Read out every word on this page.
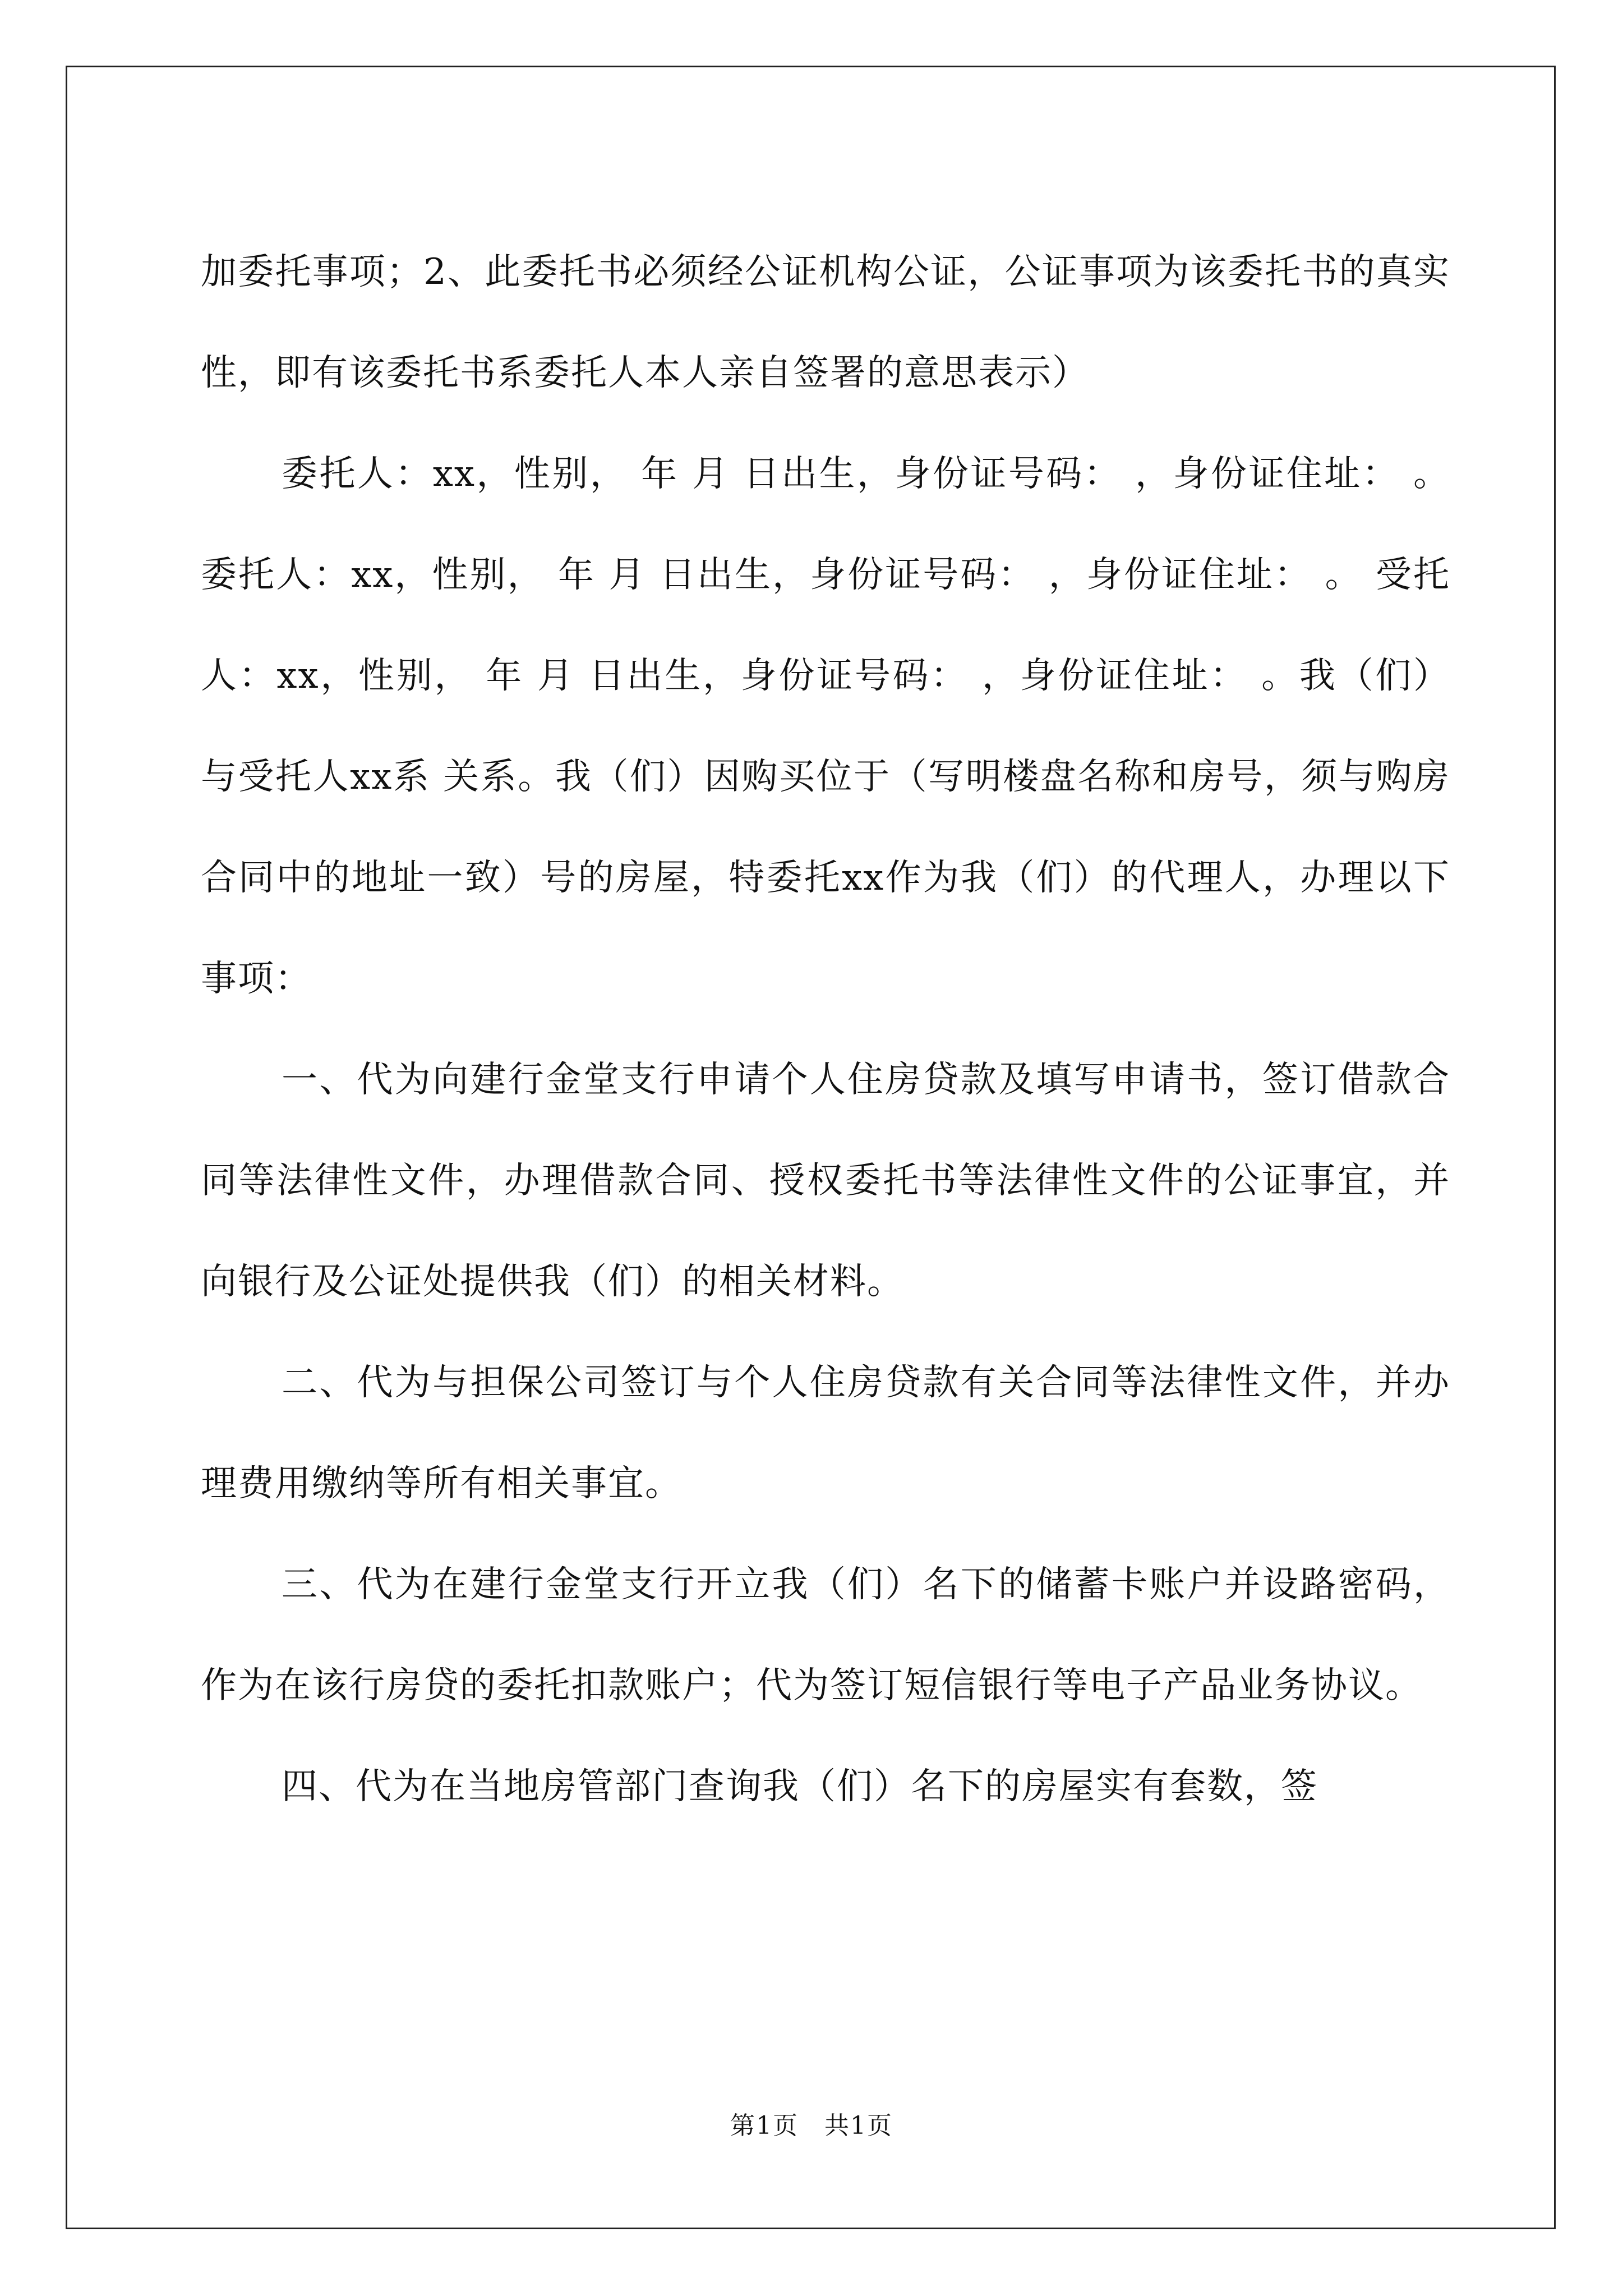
加委托事项；2、此委托书必须经公证机构公证，公证事项为该委托书的真实性，即有该委托书系委托人本人亲自签署的意思表示）

委托人：xx，性别， 年 月 日出生，身份证号码： ，身份证住址： 。 委托人：xx，性别， 年 月 日出生，身份证号码： ，身份证住址： 。 受托人：xx，性别， 年 月 日出生，身份证号码： ，身份证住址： 。我（们）与受托人xx系 关系。我（们）因购买位于（写明楼盘名称和房号，须与购房合同中的地址一致）号的房屋，特委托xx作为我（们）的代理人，办理以下事项：

一、代为向建行金堂支行申请个人住房贷款及填写申请书，签订借款合同等法律性文件，办理借款合同、授权委托书等法律性文件的公证事宜，并向银行及公证处提供我（们）的相关材料。

二、代为与担保公司签订与个人住房贷款有关合同等法律性文件，并办理费用缴纳等所有相关事宜。

三、代为在建行金堂支行开立我（们）名下的储蓄卡账户并设路密码，作为在该行房贷的委托扣款账户；代为签订短信银行等电子产品业务协议。

四、代为在当地房管部门查询我（们）名下的房屋实有套数，签

第1页　共1页
